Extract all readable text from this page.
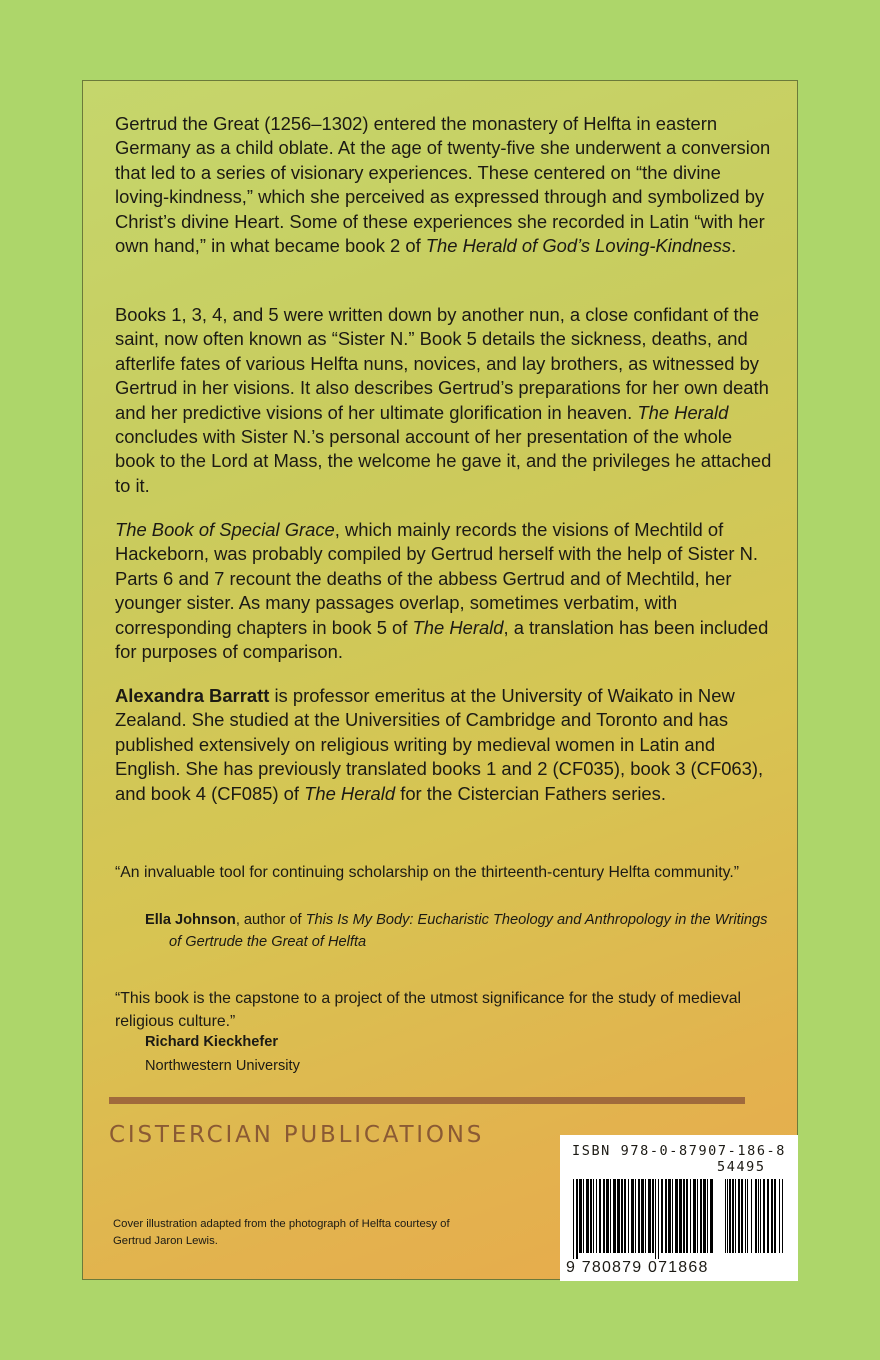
Gertrud the Great (1256–1302) entered the monastery of Helfta in eastern Germany as a child oblate. At the age of twenty-five she underwent a conversion that led to a series of visionary experiences. These centered on “the divine loving-kindness,” which she perceived as expressed through and symbolized by Christ’s divine Heart. Some of these experiences she recorded in Latin “with her own hand,” in what became book 2 of The Herald of God’s Loving-Kindness.

Books 1, 3, 4, and 5 were written down by another nun, a close confidant of the saint, now often known as “Sister N.” Book 5 details the sickness, deaths, and afterlife fates of various Helfta nuns, novices, and lay brothers, as witnessed by Gertrud in her visions. It also describes Gertrud’s preparations for her own death and her predictive visions of her ultimate glorification in heaven. The Herald concludes with Sister N.’s personal account of her presentation of the whole book to the Lord at Mass, the welcome he gave it, and the privileges he attached to it.

The Book of Special Grace, which mainly records the visions of Mechtild of Hackeborn, was probably compiled by Gertrud herself with the help of Sister N. Parts 6 and 7 recount the deaths of the abbess Gertrud and of Mechtild, her younger sister. As many passages overlap, sometimes verbatim, with corresponding chapters in book 5 of The Herald, a translation has been included for purposes of comparison.

Alexandra Barratt is professor emeritus at the University of Waikato in New Zealand. She studied at the Universities of Cambridge and Toronto and has published extensively on religious writing by medieval women in Latin and English. She has previously translated books 1 and 2 (CF035), book 3 (CF063), and book 4 (CF085) of The Herald for the Cistercian Fathers series.

“An invaluable tool for continuing scholarship on the thirteenth-century Helfta community.”

Ella Johnson, author of This Is My Body: Eucharistic Theology and Anthropology in the Writings of Gertrude the Great of Helfta

“This book is the capstone to a project of the utmost significance for the study of medieval religious culture.”

Richard Kieckhefer

Northwestern University

CISTERCIAN PUBLICATIONS
Cover illustration adapted from the photograph of Helfta courtesy of Gertrud Jaron Lewis.
ISBN 978-0-87907-186-8
54495
9 780879 071868
